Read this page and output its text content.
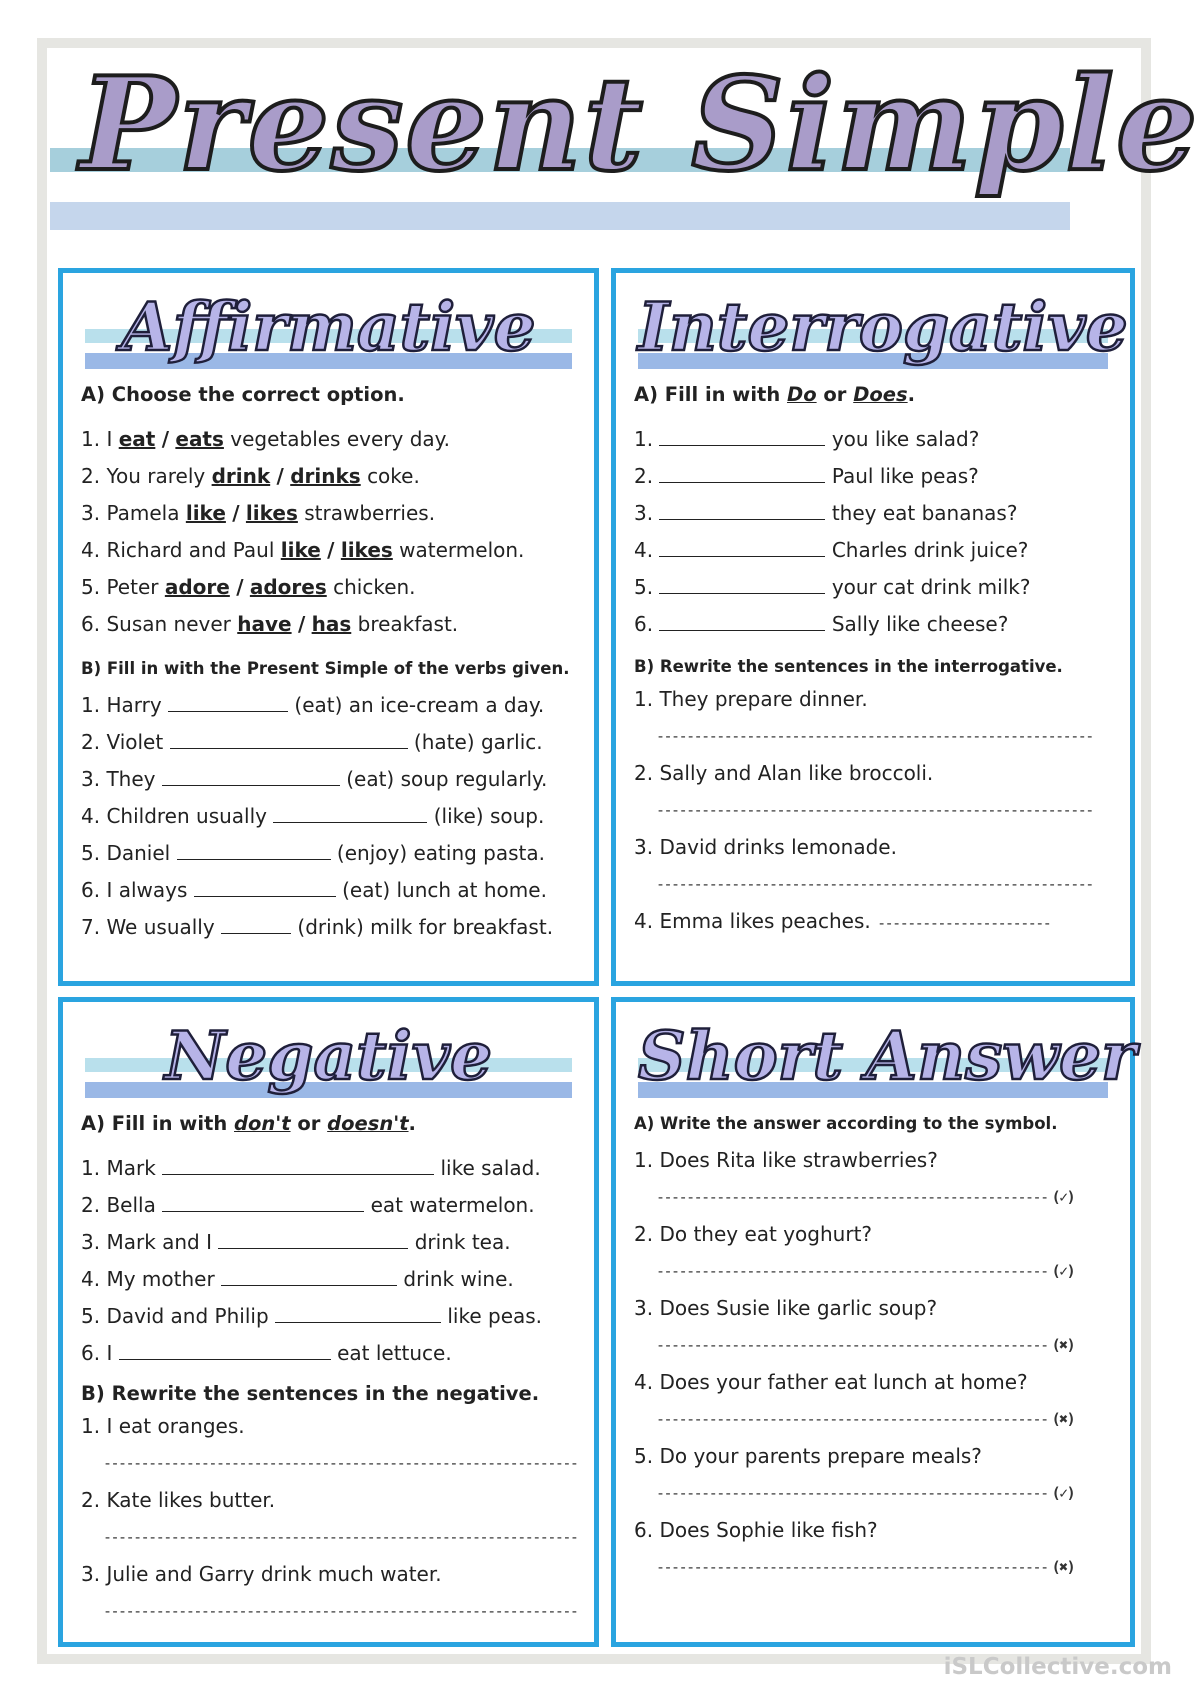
Present Simple
Affirmative

A) Choose the correct option.

1. I eat / eats vegetables every day.
2. You rarely drink / drinks coke.
3. Pamela like / likes strawberries.
4. Richard and Paul like / likes watermelon.
5. Peter adore / adores chicken.
6. Susan never have / has breakfast.

B) Fill in with the Present Simple of the verbs given.

1. Harry	(eat) an ice-cream a day.
2. Violet	(hate) garlic.
3. They	(eat) soup regularly.
4. Children usually	(like) soup.
5. Daniel	(enjoy) eating pasta.
6. I always	(eat) lunch at home.
7. We usually	(drink) milk for breakfast.
Interrogative

A) Fill in with Do or Does.

1.	you like salad?
2.	Paul like peas?
3.	they eat bananas?
4.	Charles drink juice?
5.	your cat drink milk?
6.	Sally like cheese?

B) Rewrite the sentences in the interrogative.

1. They prepare dinner.
----------------------------------------------------------
2. Sally and Alan like broccoli.
----------------------------------------------------------
3. David drinks lemonade.
----------------------------------------------------------
4. Emma likes peaches. -----------------------
Negative

A) Fill in with don't or doesn't.

1. Mark	like salad.
2. Bella	eat watermelon.
3. Mark and I	drink tea.
4. My mother	drink wine.
5. David and Philip	like peas.
6. I	eat lettuce.

B) Rewrite the sentences in the negative.

1. I eat oranges.
---------------------------------------------------------------
2. Kate likes butter.
---------------------------------------------------------------
3. Julie and Garry drink much water.
---------------------------------------------------------------
Short Answer

A) Write the answer according to the symbol.

1. Does Rita like strawberries?
---------------------------------------------------- (✓)
2. Do they eat yoghurt?
---------------------------------------------------- (✓)
3. Does Susie like garlic soup?
---------------------------------------------------- (✖)
4. Does your father eat lunch at home?
---------------------------------------------------- (✖)
5. Do your parents prepare meals?
---------------------------------------------------- (✓)
6. Does Sophie like fish?
---------------------------------------------------- (✖)
iSLCollective.com
